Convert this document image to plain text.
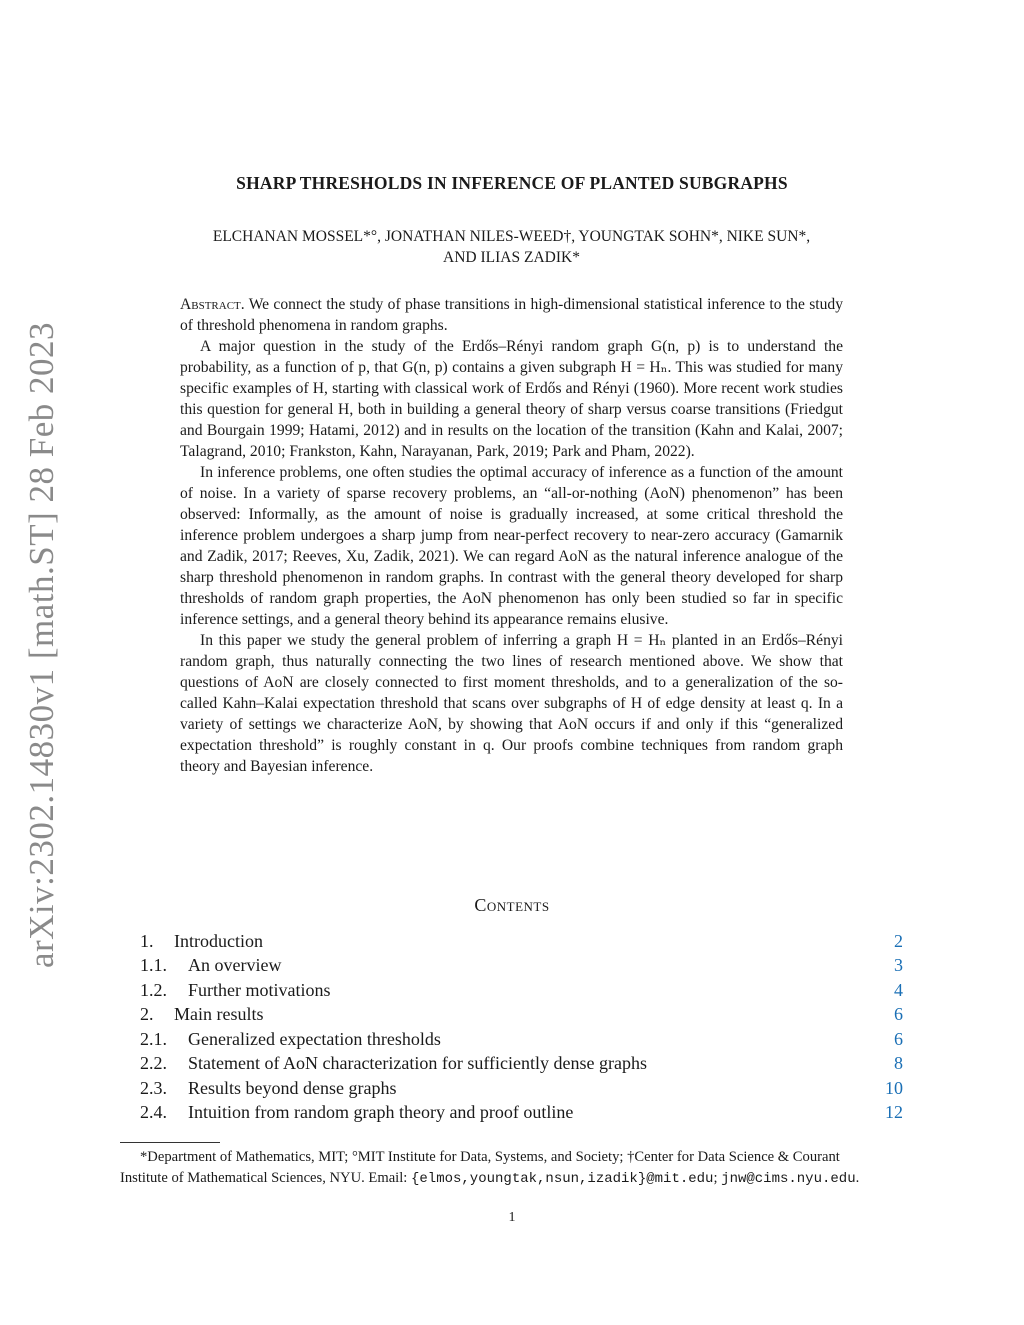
arXiv:2302.14830v1 [math.ST] 28 Feb 2023
SHARP THRESHOLDS IN INFERENCE OF PLANTED SUBGRAPHS
ELCHANAN MOSSEL*°, JONATHAN NILES-WEED†, YOUNGTAK SOHN*, NIKE SUN*,
AND ILIAS ZADIK*

Abstract. We connect the study of phase transitions in high-dimensional statistical inference to the study of threshold phenomena in random graphs.

A major question in the study of the Erdős–Rényi random graph G(n, p) is to understand the probability, as a function of p, that G(n, p) contains a given subgraph H = Hₙ. This was studied for many specific examples of H, starting with classical work of Erdős and Rényi (1960). More recent work studies this question for general H, both in building a general theory of sharp versus coarse transitions (Friedgut and Bourgain 1999; Hatami, 2012) and in results on the location of the transition (Kahn and Kalai, 2007; Talagrand, 2010; Frankston, Kahn, Narayanan, Park, 2019; Park and Pham, 2022).

In inference problems, one often studies the optimal accuracy of inference as a function of the amount of noise. In a variety of sparse recovery problems, an “all-or-nothing (AoN) phenomenon” has been observed: Informally, as the amount of noise is gradually increased, at some critical threshold the inference problem undergoes a sharp jump from near-perfect recovery to near-zero accuracy (Gamarnik and Zadik, 2017; Reeves, Xu, Zadik, 2021). We can regard AoN as the natural inference analogue of the sharp threshold phenomenon in random graphs. In contrast with the general theory developed for sharp thresholds of random graph properties, the AoN phenomenon has only been studied so far in specific inference settings, and a general theory behind its appearance remains elusive.

In this paper we study the general problem of inferring a graph H = Hₙ planted in an Erdős–Rényi random graph, thus naturally connecting the two lines of research mentioned above. We show that questions of AoN are closely connected to first moment thresholds, and to a generalization of the so-called Kahn–Kalai expectation threshold that scans over subgraphs of H of edge density at least q. In a variety of settings we characterize AoN, by showing that AoN occurs if and only if this “generalized expectation threshold” is roughly constant in q. Our proofs combine techniques from random graph theory and Bayesian inference.

Contents
1.	Introduction	2
1.1.	An overview	3
1.2.	Further motivations	4
2.	Main results	6
2.1.	Generalized expectation thresholds	6
2.2.	Statement of AoN characterization for sufficiently dense graphs	8
2.3.	Results beyond dense graphs	10
2.4.	Intuition from random graph theory and proof outline	12

*Department of Mathematics, MIT; °MIT Institute for Data, Systems, and Society; †Center for Data Science & Courant Institute of Mathematical Sciences, NYU. Email: {elmos,youngtak,nsun,izadik}@mit.edu; jnw@cims.nyu.edu.

1
